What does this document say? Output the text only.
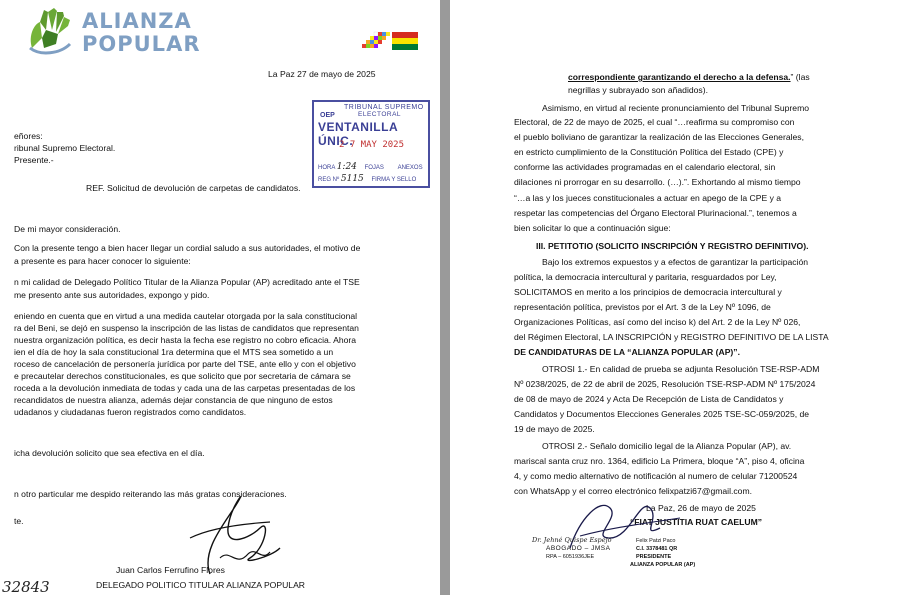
ALIANZA
POPULAR
La Paz 27 de mayo de 2025
TRIBUNAL SUPREMO
ELECTORAL
OEP
VENTANILLA ÚNIC.
2 7 MAY 2025
HORA 1:24 FOJAS ANEXOS
REG Nº 5115 FIRMA Y SELLO
eñores:
ribunal Supremo Electoral.
Presente.-
REF. Solicitud de devolución de carpetas de candidatos.
De mi mayor consideración.
Con la presente tengo a bien hacer llegar un cordial saludo a sus autoridades, el motivo de
a presente es para hacer conocer lo siguiente:
n mi calidad de Delegado Político Titular de la Alianza Popular (AP) acreditado ante el TSE
me presento ante sus autoridades, expongo y pido.
eniendo en cuenta que en virtud a una medida cautelar otorgada por la sala constitucional
ra del Beni, se dejó en suspenso la inscripción de las listas de candidatos que representan
nuestra organización política, es decir hasta la fecha ese registro no cobro eficacia. Ahora
ien el día de hoy la sala constitucional 1ra determina que el MTS sea sometido a un
roceso de cancelación de personería jurídica por parte del TSE, ante ello y con el objetivo
e precautelar derechos constitucionales, es que solicito que por secretaria de cámara se
roceda a la devolución inmediata de todas y cada una de las carpetas presentadas de los
recandidatos de nuestra alianza, además dejar constancia de que ninguno de estos
udadanos y ciudadanas fueron registrados como candidatos.
icha devolución solicito que sea efectiva en el día.
n otro particular me despido reiterando las más gratas consideraciones.
te.
Juan Carlos Ferrufino Flores
DELEGADO POLITICO TITULAR ALIANZA POPULAR
32843
correspondiente garantizando el derecho a la defensa.” (las
negrillas y subrayado son añadidos).
Asimismo, en virtud al reciente pronunciamiento del Tribunal Supremo
Electoral, de 22 de mayo de 2025, el cual “…reafirma su compromiso con
el pueblo boliviano de garantizar la realización de las Elecciones Generales,
en estricto cumplimiento de la Constitución Política del Estado (CPE) y
conforme las actividades programadas en el calendario electoral, sin
dilaciones ni prorrogar en su desarrollo. (…).”. Exhortando al mismo tiempo
“…a las y los jueces constitucionales a actuar en apego de la CPE y a
respetar las competencias del Órgano Electoral Plurinacional.”, tenemos a
bien solicitar lo que a continuación sigue:
III. PETITOTIO (SOLICITO INSCRIPCIÓN Y REGISTRO DEFINITIVO).
Bajo los extremos expuestos y a efectos de garantizar la participación
política, la democracia intercultural y paritaria, resguardados por Ley,
SOLICITAMOS en merito a los principios de democracia intercultural y
representación política, previstos por el Art. 3 de la Ley Nº 1096, de
Organizaciones Políticas, así como del inciso k) del Art. 2 de la Ley Nº 026,
del Régimen Electoral, LA INSCRIPCIÓN y REGISTRO DEFINITIVO DE LA LISTA
DE CANDIDATURAS DE LA “ALIANZA POPULAR (AP)”.
OTROSI 1.- En calidad de prueba se adjunta Resolución TSE-RSP-ADM
Nº 0238/2025, de 22 de abril de 2025, Resolución TSE-RSP-ADM Nº 175/2024
de 08 de mayo de 2024 y Acta De Recepción de Lista de Candidatos y
Candidatos y Documentos Elecciones Generales 2025 TSE-SC-059/2025, de
19 de mayo de 2025.
OTROSI 2.- Señalo domicilio legal de la Alianza Popular (AP), av.
mariscal santa cruz nro. 1364, edificio La Primera, bloque “A”, piso 4, oficina
4, y como medio alternativo de notificación al numero de celular 71200524
con WhatsApp y el correo electrónico felixpatzi67@gmail.com.
La Paz, 26 de mayo de 2025
“FIAT JUSTITIA RUAT CAELUM”
Dr. Jehné Quispe Espejo
ABOGADO – JMSA
RPA – 6051936JEE
Felix Patzi Paco
C.I. 3378481 QR
PRESIDENTE
ALIANZA POPULAR (AP)
